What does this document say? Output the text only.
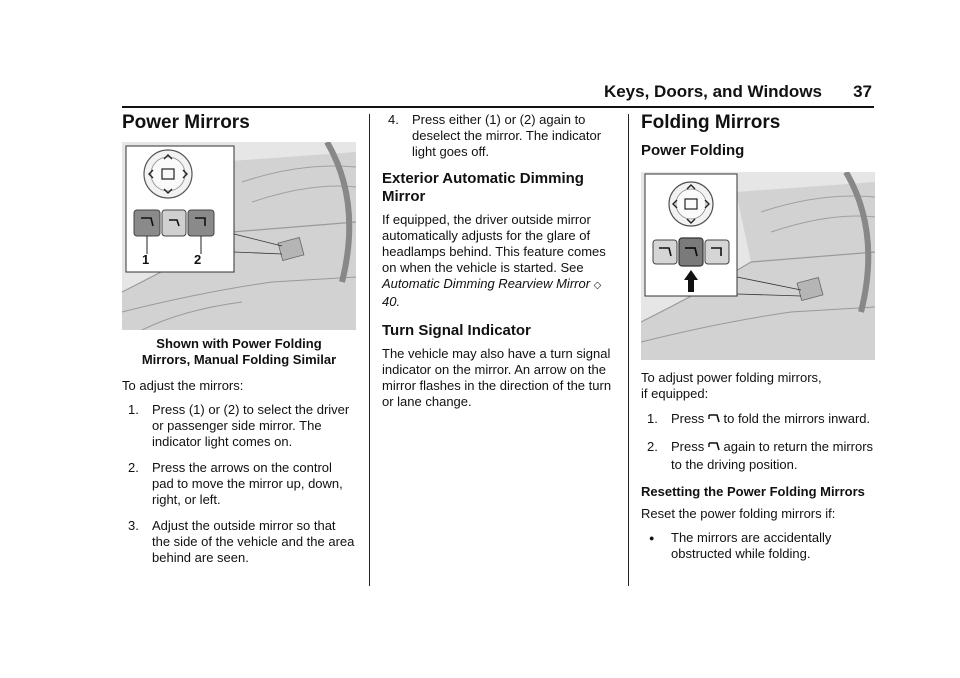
Keys, Doors, and Windows 37
Power Mirrors
1	2
Shown with Power Folding
Mirrors, Manual Folding Similar

To adjust the mirrors:

1. Press (1) or (2) to select the driver or passenger side mirror. The indicator light comes on.
2. Press the arrows on the control pad to move the mirror up, down, right, or left.
3. Adjust the outside mirror so that the side of the vehicle and the area behind are seen.
4. Press either (1) or (2) again to deselect the mirror. The indicator light goes off.
Exterior Automatic Dimming Mirror

If equipped, the driver outside mirror automatically adjusts for the glare of headlamps behind. This feature comes on when the vehicle is started. See Automatic Dimming Rearview Mirror ◇ 40.

Turn Signal Indicator

The vehicle may also have a turn signal indicator on the mirror. An arrow on the mirror flashes in the direction of the turn or lane change.

Folding Mirrors
Power Folding

To adjust power folding mirrors,
if equipped:

1. Press to fold the mirrors inward.
2. Press again to return the mirrors to the driving position.
Resetting the Power Folding Mirrors

Reset the power folding mirrors if:

● The mirrors are accidentally obstructed while folding.
